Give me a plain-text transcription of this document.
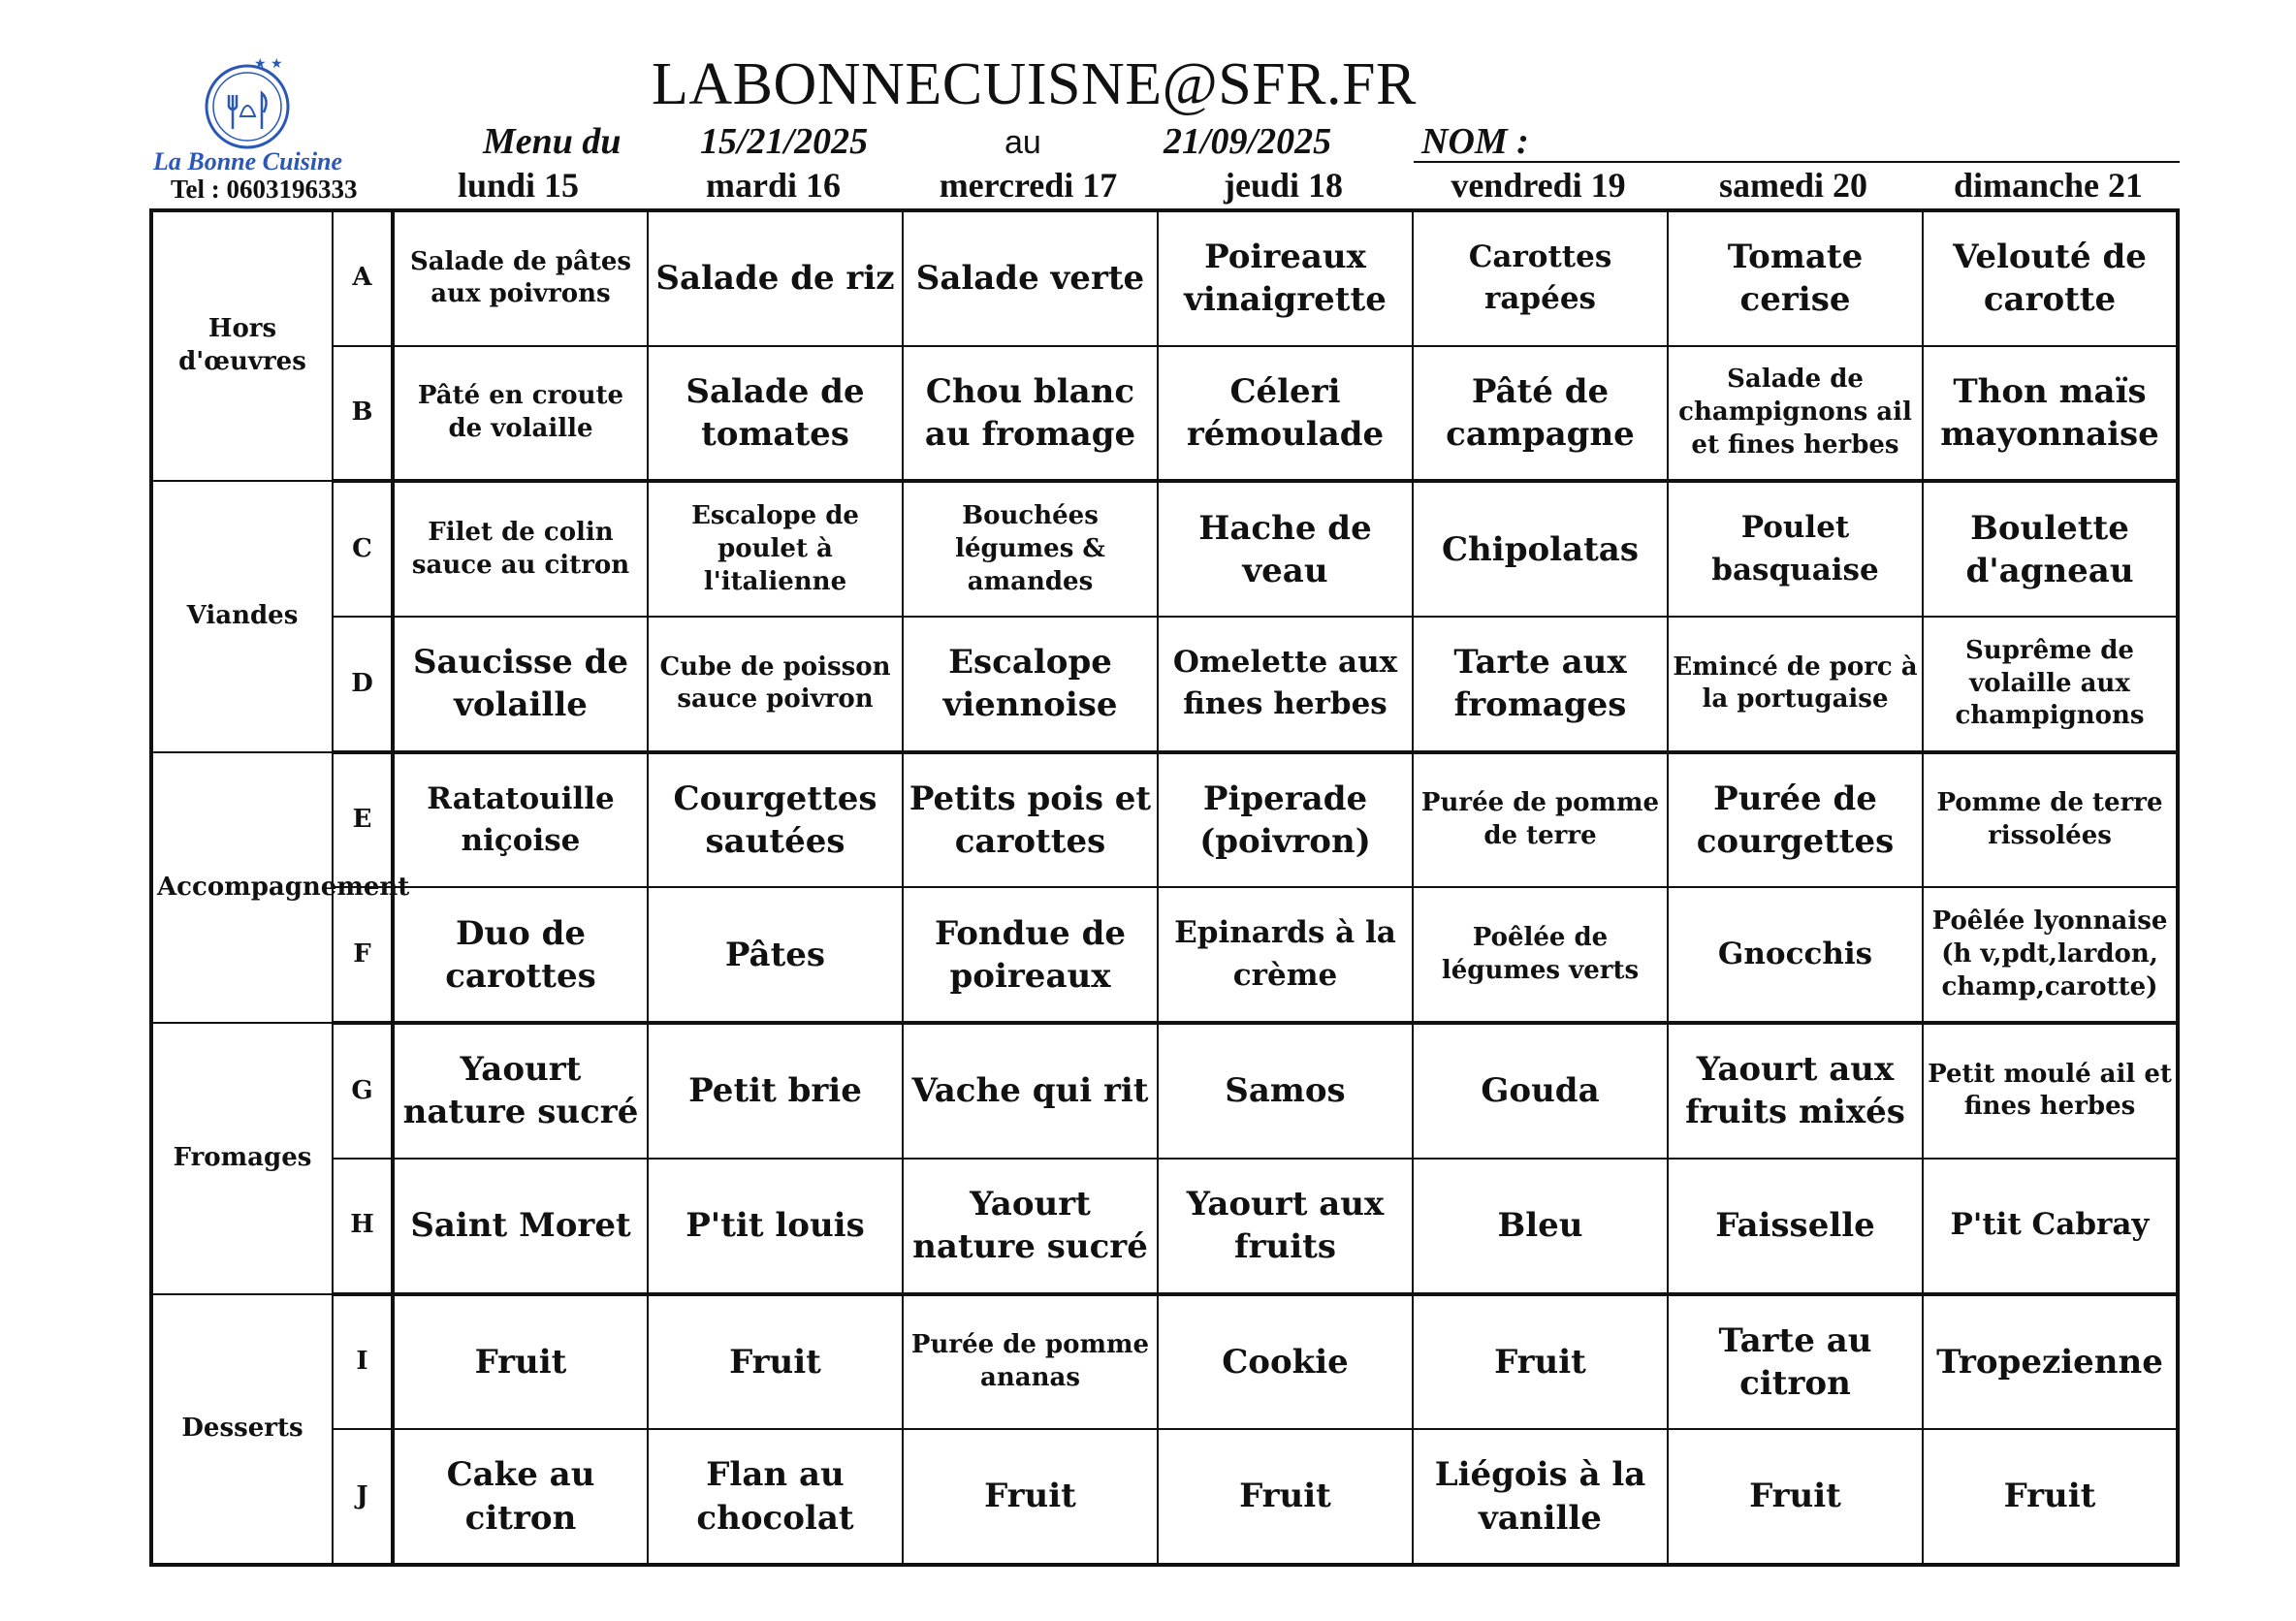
★ ★
La Bonne Cuisine
Tel : 0603196333
LABONNECUISNE@SFR.FR
Menu du 15/21/2025	au	21/09/2025 NOM :
lundi 15	mardi 16	mercredi 17	jeudi 18	vendredi 19	samedi 20	dimanche 21
Hors d'œuvres	A	Salade de pâtes aux poivrons	Salade de riz	Salade verte	Poireaux vinaigrette	Carottes rapées	Tomate cerise	Velouté de carotte
	B	Pâté en croute de volaille	Salade de tomates	Chou blanc au fromage	Céleri rémoulade	Pâté de campagne	Salade de champignons ail et fines herbes	Thon maïs mayonnaise
Viandes	C	Filet de colin sauce au citron	Escalope de poulet à l'italienne	Bouchées légumes & amandes	Hache de veau	Chipolatas	Poulet basquaise	Boulette d'agneau
	D	Saucisse de volaille	Cube de poisson sauce poivron	Escalope viennoise	Omelette aux fines herbes	Tarte aux fromages	Emincé de porc à la portugaise	Suprême de volaille aux champignons
Accompagnement	E	Ratatouille niçoise	Courgettes sautées	Petits pois et carottes	Piperade (poivron)	Purée de pomme de terre	Purée de courgettes	Pomme de terre rissolées
	F	Duo de carottes	Pâtes	Fondue de poireaux	Epinards à la crème	Poêlée de légumes verts	Gnocchis	Poêlée lyonnaise (h v,pdt,lardon, champ,carotte)
Fromages	G	Yaourt nature sucré	Petit brie	Vache qui rit	Samos	Gouda	Yaourt aux fruits mixés	Petit moulé ail et fines herbes
	H	Saint Moret	P'tit louis	Yaourt nature sucré	Yaourt aux fruits	Bleu	Faisselle	P'tit Cabray
Desserts	I	Fruit	Fruit	Purée de pomme ananas	Cookie	Fruit	Tarte au citron	Tropezienne
	J	Cake au citron	Flan au chocolat	Fruit	Fruit	Liégois à la vanille	Fruit	Fruit
